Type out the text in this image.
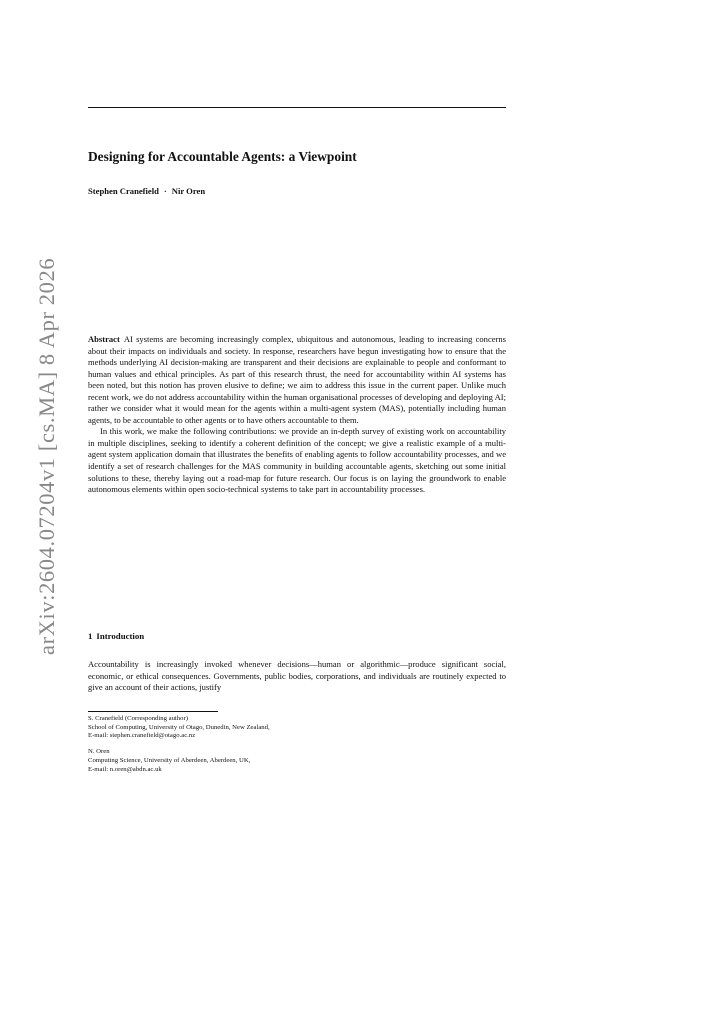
arXiv:2604.07204v1 [cs.MA] 8 Apr 2026
Designing for Accountable Agents: a Viewpoint
Stephen Cranefield · Nir Oren

Abstract AI systems are becoming increasingly complex, ubiquitous and autonomous, leading to increasing concerns about their impacts on individuals and society. In response, researchers have begun investigating how to ensure that the methods underlying AI decision-making are transparent and their decisions are explainable to people and conformant to human values and ethical principles. As part of this research thrust, the need for accountability within AI systems has been noted, but this notion has proven elusive to define; we aim to address this issue in the current paper. Unlike much recent work, we do not address accountability within the human organisational processes of developing and deploying AI; rather we consider what it would mean for the agents within a multi-agent system (MAS), potentially including human agents, to be accountable to other agents or to have others accountable to them.

In this work, we make the following contributions: we provide an in-depth survey of existing work on accountability in multiple disciplines, seeking to identify a coherent definition of the concept; we give a realistic example of a multi-agent system application domain that illustrates the benefits of enabling agents to follow accountability processes, and we identify a set of research challenges for the MAS community in building accountable agents, sketching out some initial solutions to these, thereby laying out a road-map for future research. Our focus is on laying the groundwork to enable autonomous elements within open socio-technical systems to take part in accountability processes.

1 Introduction

Accountability is increasingly invoked whenever decisions—human or algorithmic—produce significant social, economic, or ethical consequences. Governments, public bodies, corporations, and individuals are routinely expected to give an account of their actions, justify

S. Cranefield (Corresponding author)
School of Computing, University of Otago, Dunedin, New Zealand,
E-mail: stephen.cranefield@otago.ac.nz
N. Oren
Computing Science, University of Aberdeen, Aberdeen, UK,
E-mail: n.oren@abdn.ac.uk
